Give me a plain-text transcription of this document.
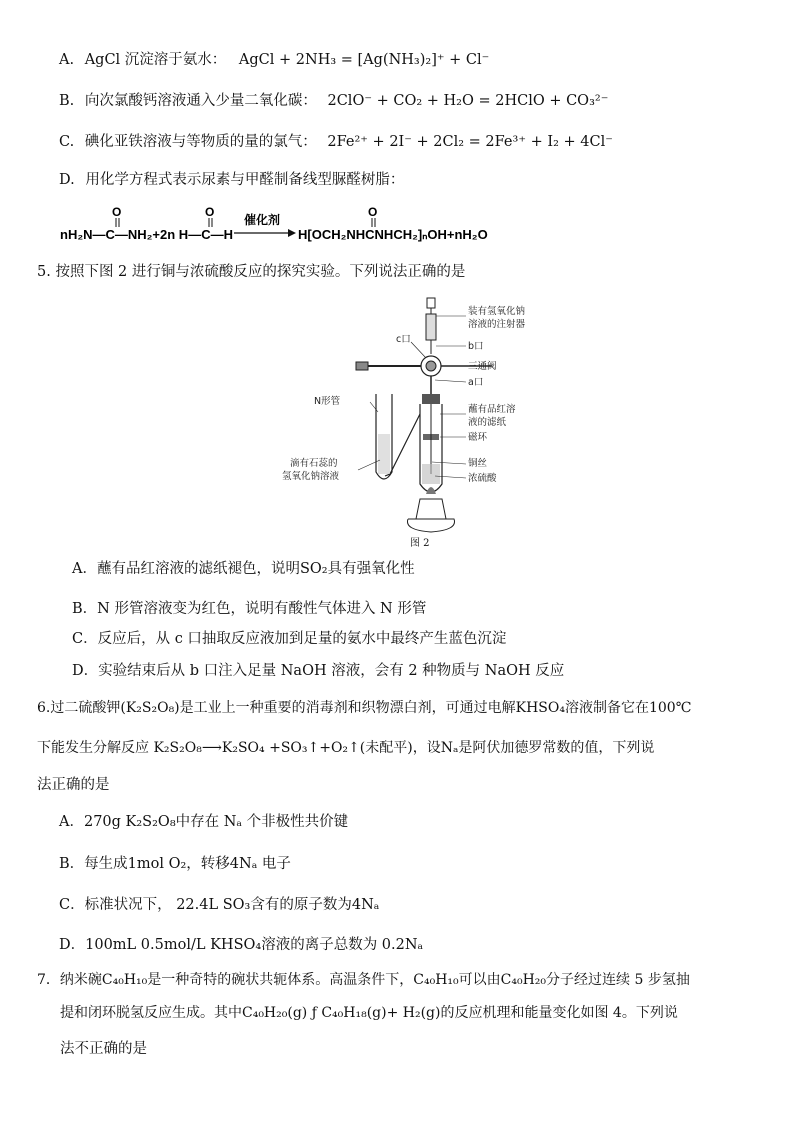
A. AgCl 沉淀溶于氨水： AgCl + 2NH₃ = [Ag(NH₃)₂]⁺ + Cl⁻
B. 向次氯酸钙溶液通入少量二氧化碳： 2ClO⁻ + CO₂ + H₂O = 2HClO + CO₃²⁻
C. 碘化亚铁溶液与等物质的量的氯气： 2Fe²⁺ + 2I⁻ + 2Cl₂ = 2Fe³⁺ + I₂ + 4Cl⁻
D. 用化学方程式表示尿素与甲醛制备线型脲醛树脂：
O	O
nH₂N—C—NH₂+2n H—C—H
催化剂
O
H[OCH₂NHCNHCH₂]ₙOH+nH₂O
5. 按照下图 2 进行铜与浓硫酸反应的探究实验。下列说法正确的是
装有氢氧化钠
溶液的注射器
c口
b口
三通阀
a口
N形管
蘸有品红溶
液的滤纸
磁环
铜丝
浓硫酸
滴有石蕊的
氢氧化钠溶液
图 2
A．蘸有品红溶液的滤纸褪色，说明SO₂具有强氧化性
B．N 形管溶液变为红色，说明有酸性气体进入 N 形管
C．反应后，从 c 口抽取反应液加到足量的氨水中最终产生蓝色沉淀
D．实验结束后从 b 口注入足量 NaOH 溶液，会有 2 种物质与 NaOH 反应
6.过二硫酸钾(K₂S₂O₈)是工业上一种重要的消毒剂和织物漂白剂，可通过电解KHSO₄溶液制备它在100℃
下能发生分解反应 K₂S₂O₈⟶K₂SO₄ +SO₃↑+O₂↑(未配平)，设Nₐ是阿伏加德罗常数的值，下列说
法正确的是
A．270g K₂S₂O₈中存在 Nₐ 个非极性共价键
B．每生成1mol O₂，转移4Nₐ 电子
C．标准状况下， 22.4L SO₃含有的原子数为4Nₐ
D．100mL 0.5mol/L KHSO₄溶液的离子总数为 0.2Nₐ
7．纳米碗C₄₀H₁₀是一种奇特的碗状共轭体系。高温条件下，C₄₀H₁₀可以由C₄₀H₂₀分子经过连续 5 步氢抽
提和闭环脱氢反应生成。其中C₄₀H₂₀(g) ƒ C₄₀H₁₈(g)+ H₂(g)的反应机理和能量变化如图 4。下列说
法不正确的是
